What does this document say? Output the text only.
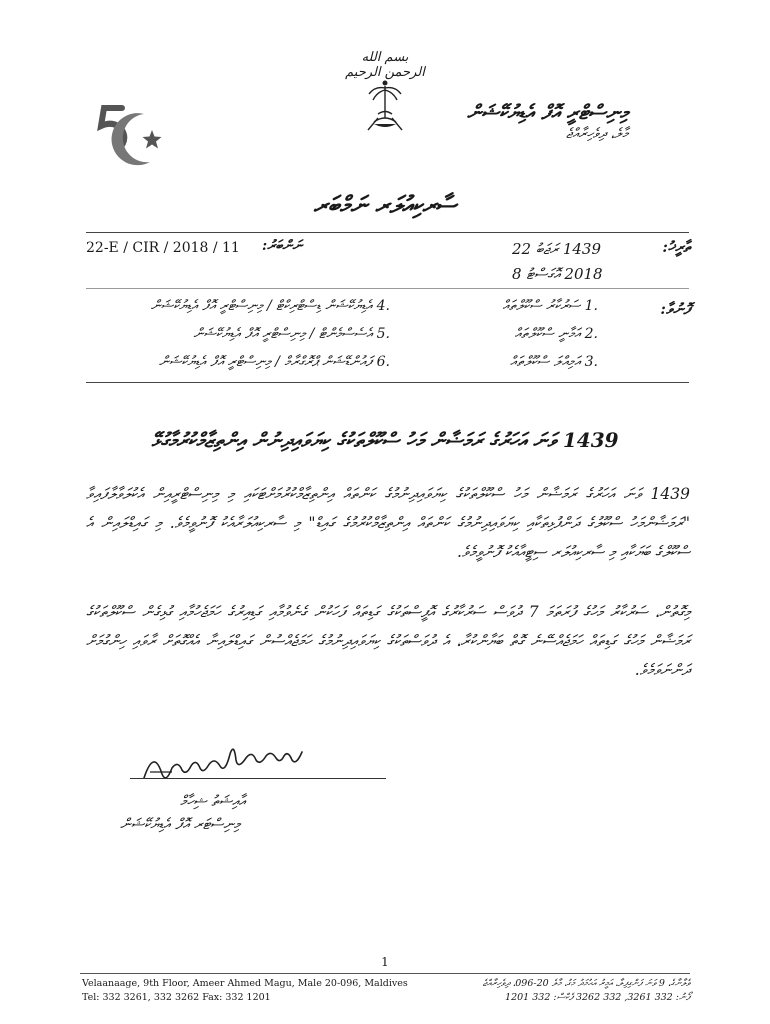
بسم الله الرحمن الرحيم
މިނިސްޓްރީ އޮފް އެޑިޔުކޭޝަން
މާލެ، ދިވެހިރާއްޖެ
ސާރކިއުލަރ ނަމްބަރ
22-E / CIR / 2018 / 11 ނަންބަރު:	ތާރީޚު:
1439 ރަޖަބު 22
2018 އޮގަސްޓު 8
ފޮނުވާ:
.1 ސަރުކާރު ސްކޫލްތައް
.2 އަމާނީ ސްކޫލްތައް
.3 އަމިއްލަ ސްކޫލްތައް
.4 އެޑިޔުކޭޝަން ޑިސްޓްރިކްޓް / މިނިސްޓްރީ އޮފް އެޑިޔުކޭޝަން
.5 އެސެސްމެންޓް / މިނިސްޓްރީ އޮފް އެޑިޔުކޭޝަން
.6 ފައުންޑޭޝަން ޕްރޮގްރާމް / މިނިސްޓްރީ އޮފް އެޑިޔުކޭޝަން
1439 ވަނަ އަހަރުގެ ރަމަޟާން މަހު ސްކޫލްތަކުގެ ކިޔަވައިދިނުން އިންތިޒާމްކުރުމާގުޅޭ
1439 ވަނަ އަހަރުގެ ރަމަޟާން މަހު ސްކޫލްތަކުގެ ކިޔަވައިދިނުމުގެ ކަންތައް އިންތިޒާމްކުރުމަށްޓަކައި މި މިނިސްޓްރީއިން އެކުލަވާލާފައިވާ "ރަމަޟާންމަހު ސްކޫލުގެ ދަންފުޅިތަކާއި ކިޔަވައިދިނުމުގެ ކަންތައް އިންތިޒާމްކުރުމުގެ ގައިޑް" މި ސާރކިއުލަރާއެކު ފޮނުވީމެވެ. މި ގައިޑްލައިން އެ ސްކޫލްގެ ބަޔަކާއި މި ސާރކިއުލަރ ސިޓީއާއެކު ފޮނުވީމެވެ.
މިގޮތުން، ސަރުކާރު މަހުގެ ފުރަތަމަ 7 ދުވަސް ސަރުކާރުގެ އޮފީސްތަކުގެ ގަޑިތައް ފަހަކުން ގެނެވުމާއި ގަޑިއިރުގެ ހަމަޖެހުމާއި ގުޅިގެން ސްކޫލްތަކުގެ ރަމަޟާން މަހުގެ ގަޑިތައް ހަމަޖެއްސޭނެ ގޮތް ބަޔާންކުރާ، އެ ދުވަސްތަކުގެ ކިޔަވައިދިނުމުގެ ހަމަޖެއްސުން ގައިޑްލައިނާ އެއްގޮތަށް ރާވައި ހިންގުމަށް ދަންނަވަމެވެ.
އާއިޝަތު ޝިހާމް
މިނިސްޓަރ އޮފް އެޑިޔުކޭޝަން
1
Velaanaage, 9th Floor, Ameer Ahmed Magu, Male 20-096, Maldives
Tel: 332 3261, 332 3262 Fax: 332 1201
ވެލާނާގެ، 9 ވަނަ ފަންގިފިލާ، އަމީރު އަޙުމަދު މަގު، މާލެ 20-096، ދިވެހިރާއްޖެ
ފޯނު: 332 3261, 332 3262 ފެކްސް: 332 1201
